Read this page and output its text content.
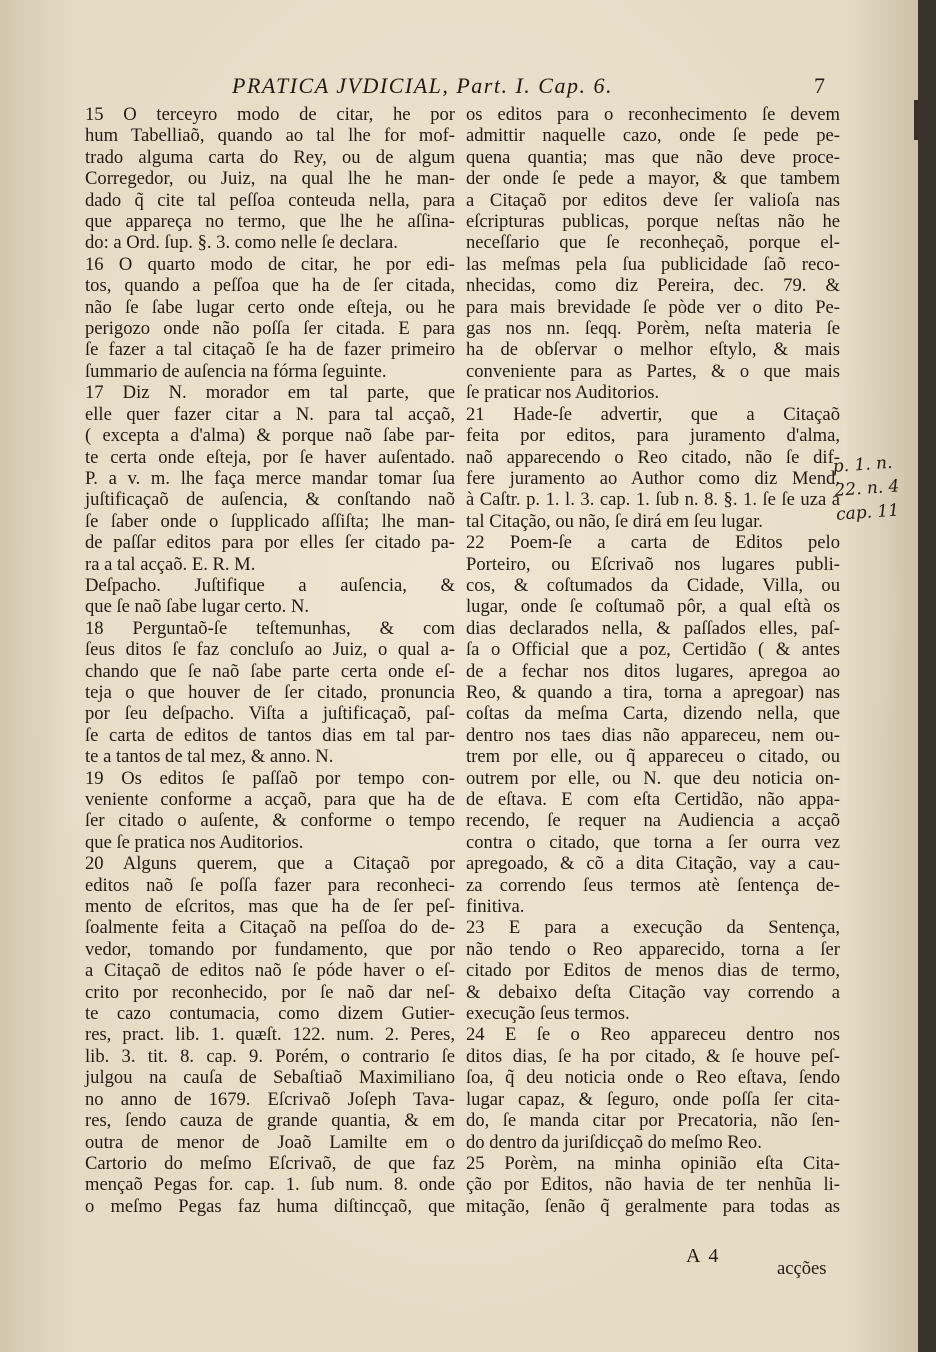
PRATICA JVDICIAL, Part. I. Cap. 6.	7

15 O terceyro modo de citar, he por

hum Tabelliaõ, quando ao tal lhe for mof-

trado alguma carta do Rey, ou de algum

Corregedor, ou Juiz, na qual lhe he man-

dado q̃ cite tal peſſoa conteuda nella, para

que appareça no termo, que lhe he aſſina-

do: a Ord. ſup. §. 3. como nelle ſe declara.

16 O quarto modo de citar, he por edi-

tos, quando a peſſoa que ha de ſer citada,

não ſe ſabe lugar certo onde eſteja, ou he

perigozo onde não poſſa ſer citada. E para

ſe fazer a tal citaçaõ ſe ha de fazer primeiro

ſummario de auſencia na fórma ſeguinte.

17 Diz N. morador em tal parte, que

elle quer fazer citar a N. para tal acçaõ,

( excepta a d'alma) & porque naõ ſabe par-

te certa onde eſteja, por ſe haver auſentado.

P. a v. m. lhe faça merce mandar tomar ſua

juſtificaçaõ de auſencia, & conſtando naõ

ſe ſaber onde o ſupplicado aſſiſta; lhe man-

de paſſar editos para por elles ſer citado pa-

ra a tal acçaõ. E. R. M.

Deſpacho. Juſtifique a auſencia, &

que ſe naõ ſabe lugar certo. N.

18 Perguntaõ-ſe teſtemunhas, & com

ſeus ditos ſe faz concluſo ao Juiz, o qual a-

chando que ſe naõ ſabe parte certa onde eſ-

teja o que houver de ſer citado, pronuncia

por ſeu deſpacho. Viſta a juſtificaçaõ, paſ-

ſe carta de editos de tantos dias em tal par-

te a tantos de tal mez, & anno. N.

19 Os editos ſe paſſaõ por tempo con-

veniente conforme a acçaõ, para que ha de

ſer citado o auſente, & conforme o tempo

que ſe pratica nos Auditorios.

20 Alguns querem, que a Citaçaõ por

editos naõ ſe poſſa fazer para reconheci-

mento de eſcritos, mas que ha de ſer peſ-

ſoalmente feita a Citaçaõ na peſſoa do de-

vedor, tomando por fundamento, que por

a Citaçaõ de editos naõ ſe póde haver o eſ-

crito por reconhecido, por ſe naõ dar neſ-

te cazo contumacia, como dizem Gutier-

res, pract. lib. 1. quæſt. 122. num. 2. Peres,

lib. 3. tit. 8. cap. 9. Porém, o contrario ſe

julgou na cauſa de Sebaſtiaõ Maximiliano

no anno de 1679. Eſcrivaõ Joſeph Tava-

res, ſendo cauza de grande quantia, & em

outra de menor de Joaõ Lamilte em o

Cartorio do meſmo Eſcrivaõ, de que faz

mençaõ Pegas for. cap. 1. ſub num. 8. onde

o meſmo Pegas faz huma diſtincçaõ, que

os editos para o reconhecimento ſe devem

admittir naquelle cazo, onde ſe pede pe-

quena quantia; mas que não deve proce-

der onde ſe pede a mayor, & que tambem

a Citaçaõ por editos deve ſer valioſa nas

eſcripturas publicas, porque neſtas não he

neceſſario que ſe reconheçaõ, porque el-

las meſmas pela ſua publicidade ſaõ reco-

nhecidas, como diz Pereira, dec. 79. &

para mais brevidade ſe pòde ver o dito Pe-

gas nos nn. ſeqq. Porèm, neſta materia ſe

ha de obſervar o melhor eſtylo, & mais

conveniente para as Partes, & o que mais

ſe praticar nos Auditorios.

21 Hade-ſe advertir, que a Citaçaõ

feita por editos, para juramento d'alma,

naõ apparecendo o Reo citado, não ſe dif-

fere juramento ao Author como diz Mend.

à Caſtr. p. 1. l. 3. cap. 1. ſub n. 8. §. 1. ſe ſe uza a

tal Citação, ou não, ſe dirá em ſeu lugar.

22 Poem-ſe a carta de Editos pelo

Porteiro, ou Eſcrivaõ nos lugares publi-

cos, & coſtumados da Cidade, Villa, ou

lugar, onde ſe coſtumaõ pôr, a qual eſtà os

dias declarados nella, & paſſados elles, paſ-

ſa o Official que a poz, Certidão ( & antes

de a fechar nos ditos lugares, apregoa ao

Reo, & quando a tira, torna a apregoar) nas

coſtas da meſma Carta, dizendo nella, que

dentro nos taes dias não appareceu, nem ou-

trem por elle, ou q̃ appareceu o citado, ou

outrem por elle, ou N. que deu noticia on-

de eſtava. E com eſta Certidão, não appa-

recendo, ſe requer na Audiencia a acçaõ

contra o citado, que torna a ſer ourra vez

apregoado, & cõ a dita Citação, vay a cau-

za correndo ſeus termos atè ſentença de-

finitiva.

23 E para a execução da Sentença,

não tendo o Reo apparecido, torna a ſer

citado por Editos de menos dias de termo,

& debaixo deſta Citação vay correndo a

execução ſeus termos.

24 E ſe o Reo appareceu dentro nos

ditos dias, ſe ha por citado, & ſe houve peſ-

ſoa, q̃ deu noticia onde o Reo eſtava, ſendo

lugar capaz, & ſeguro, onde poſſa ſer cita-

do, ſe manda citar por Precatoria, não ſen-

do dentro da juriſdicçaõ do meſmo Reo.

25 Porèm, na minha opinião eſta Cita-

ção por Editos, não havia de ter nenhũa li-

mitação, ſenão q̃ geralmente para todas as

p. 1. n.
22. n. 4
cap. 11
A 4
acções
